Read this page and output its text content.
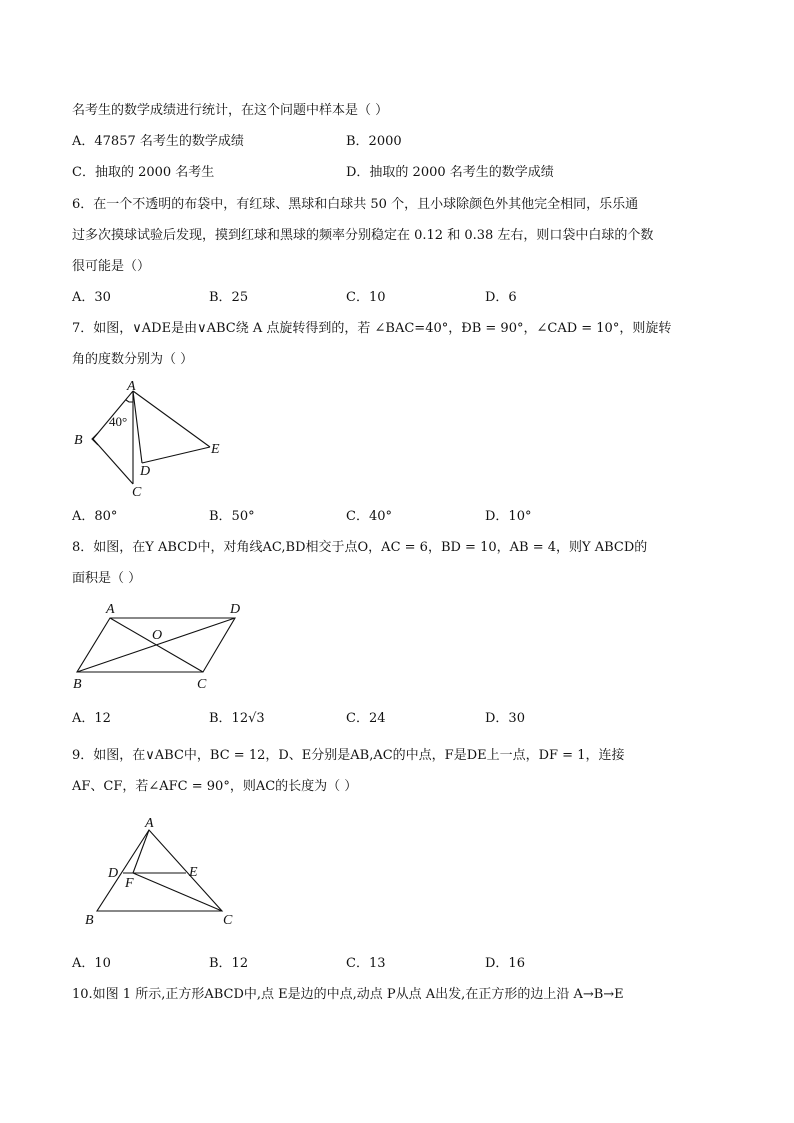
名考生的数学成绩进行统计，在这个问题中样本是（ ）
A．47857 名考生的数学成绩	B．2000
C．抽取的 2000 名考生	D．抽取的 2000 名考生的数学成绩
6．在一个不透明的布袋中，有红球、黑球和白球共 50 个，且小球除颜色外其他完全相同，乐乐通
过多次摸球试验后发现，摸到红球和黑球的频率分别稳定在 0.12 和 0.38 左右，则口袋中白球的个数
很可能是（）
A．30	B．25	C．10	D．6
7．如图，∨ADE是由∨ABC绕 A 点旋转得到的，若 ∠BAC=40°，ÐB = 90°，∠CAD = 10°，则旋转
角的度数分别为（ ）
A
B
C
D
E
40°
A．80°	B．50°	C．40°	D．10°
8．如图，在Y ABCD中，对角线AC,BD相交于点O，AC = 6，BD = 10，AB = 4，则Y ABCD的
面积是（ ）
A	D
O
B	C
A．12	B．12√3	C．24	D．30
9．如图，在∨ABC中，BC = 12，D、E分别是AB,AC的中点，F是DE上一点，DF = 1，连接
AF、CF，若∠AFC = 90°，则AC的长度为（ ）
A
D	E
F
B	C
A．10	B．12	C．13	D．16
10.如图 1 所示,正方形ABCD中,点 E是边的中点,动点 P从点 A出发,在正方形的边上沿 A→B→E
